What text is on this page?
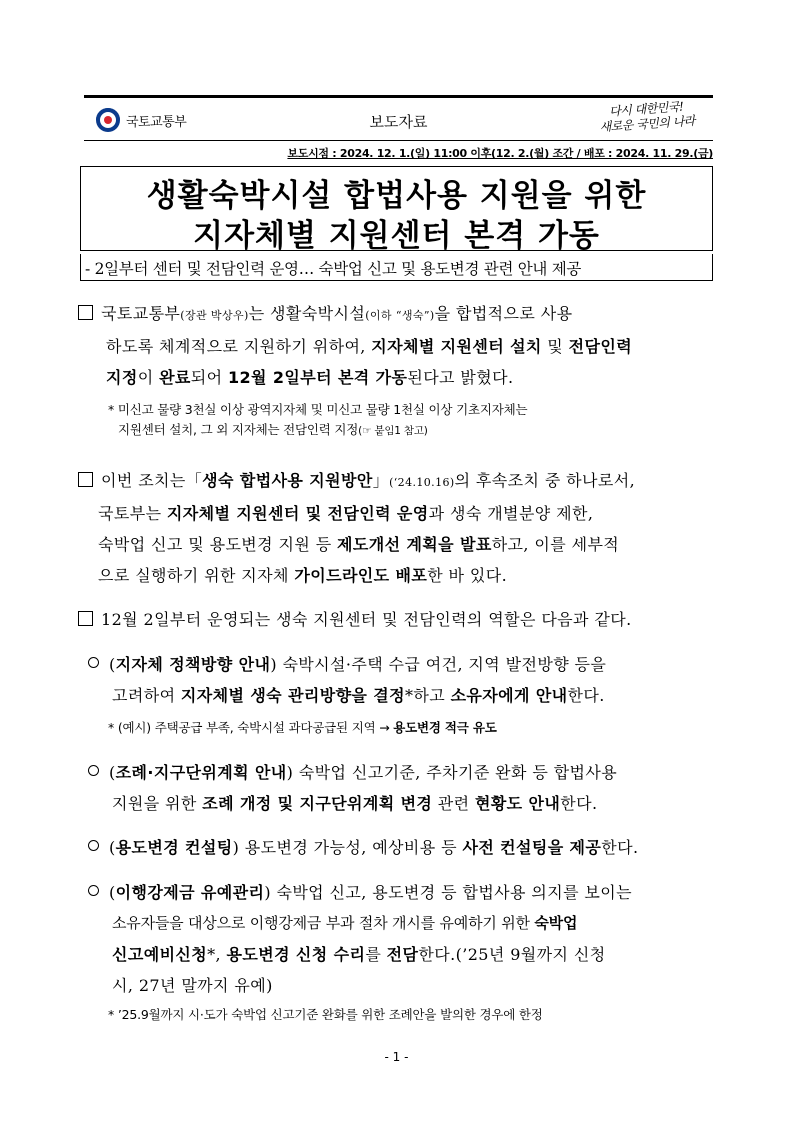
국토교통부	보도자료
다시 대한민국!
새로운 국민의 나라
보도시점 : 2024. 12. 1.(일) 11:00 이후(12. 2.(월) 조간 / 배포 : 2024. 11. 29.(금)
생활숙박시설 합법사용 지원을 위한
지자체별 지원센터 본격 가동
- 2일부터 센터 및 전담인력 운영… 숙박업 신고 및 용도변경 관련 안내 제공
국토교통부(장관 박상우)는 생활숙박시설(이하 “생숙”)을 합법적으로 사용
하도록 체계적으로 지원하기 위하여, 지자체별 지원센터 설치 및 전담인력
지정이 완료되어 12월 2일부터 본격 가동된다고 밝혔다.
* 미신고 물량 3천실 이상 광역지자체 및 미신고 물량 1천실 이상 기초지자체는
지원센터 설치, 그 외 지자체는 전담인력 지정(☞ 붙임1 참고)
이번 조치는「생숙 합법사용 지원방안」(‘24.10.16)의 후속조치 중 하나로서,
국토부는 지자체별 지원센터 및 전담인력 운영과 생숙 개별분양 제한,
숙박업 신고 및 용도변경 지원 등 제도개선 계획을 발표하고, 이를 세부적
으로 실행하기 위한 지자체 가이드라인도 배포한 바 있다.
12월 2일부터 운영되는 생숙 지원센터 및 전담인력의 역할은 다음과 같다.
(지자체 정책방향 안내) 숙박시설·주택 수급 여건, 지역 발전방향 등을
고려하여 지자체별 생숙 관리방향을 결정*하고 소유자에게 안내한다.
* (예시) 주택공급 부족, 숙박시설 과다공급된 지역 → 용도변경 적극 유도
(조례·지구단위계획 안내) 숙박업 신고기준, 주차기준 완화 등 합법사용
지원을 위한 조례 개정 및 지구단위계획 변경 관련 현황도 안내한다.
(용도변경 컨설팅) 용도변경 가능성, 예상비용 등 사전 컨설팅을 제공한다.
(이행강제금 유예관리) 숙박업 신고, 용도변경 등 합법사용 의지를 보이는
소유자들을 대상으로 이행강제금 부과 절차 개시를 유예하기 위한 숙박업
신고예비신청*, 용도변경 신청 수리를 전담한다.(’25년 9월까지 신청
시, 27년 말까지 유예)
* ’25.9월까지 시·도가 숙박업 신고기준 완화를 위한 조례안을 발의한 경우에 한정
- 1 -
